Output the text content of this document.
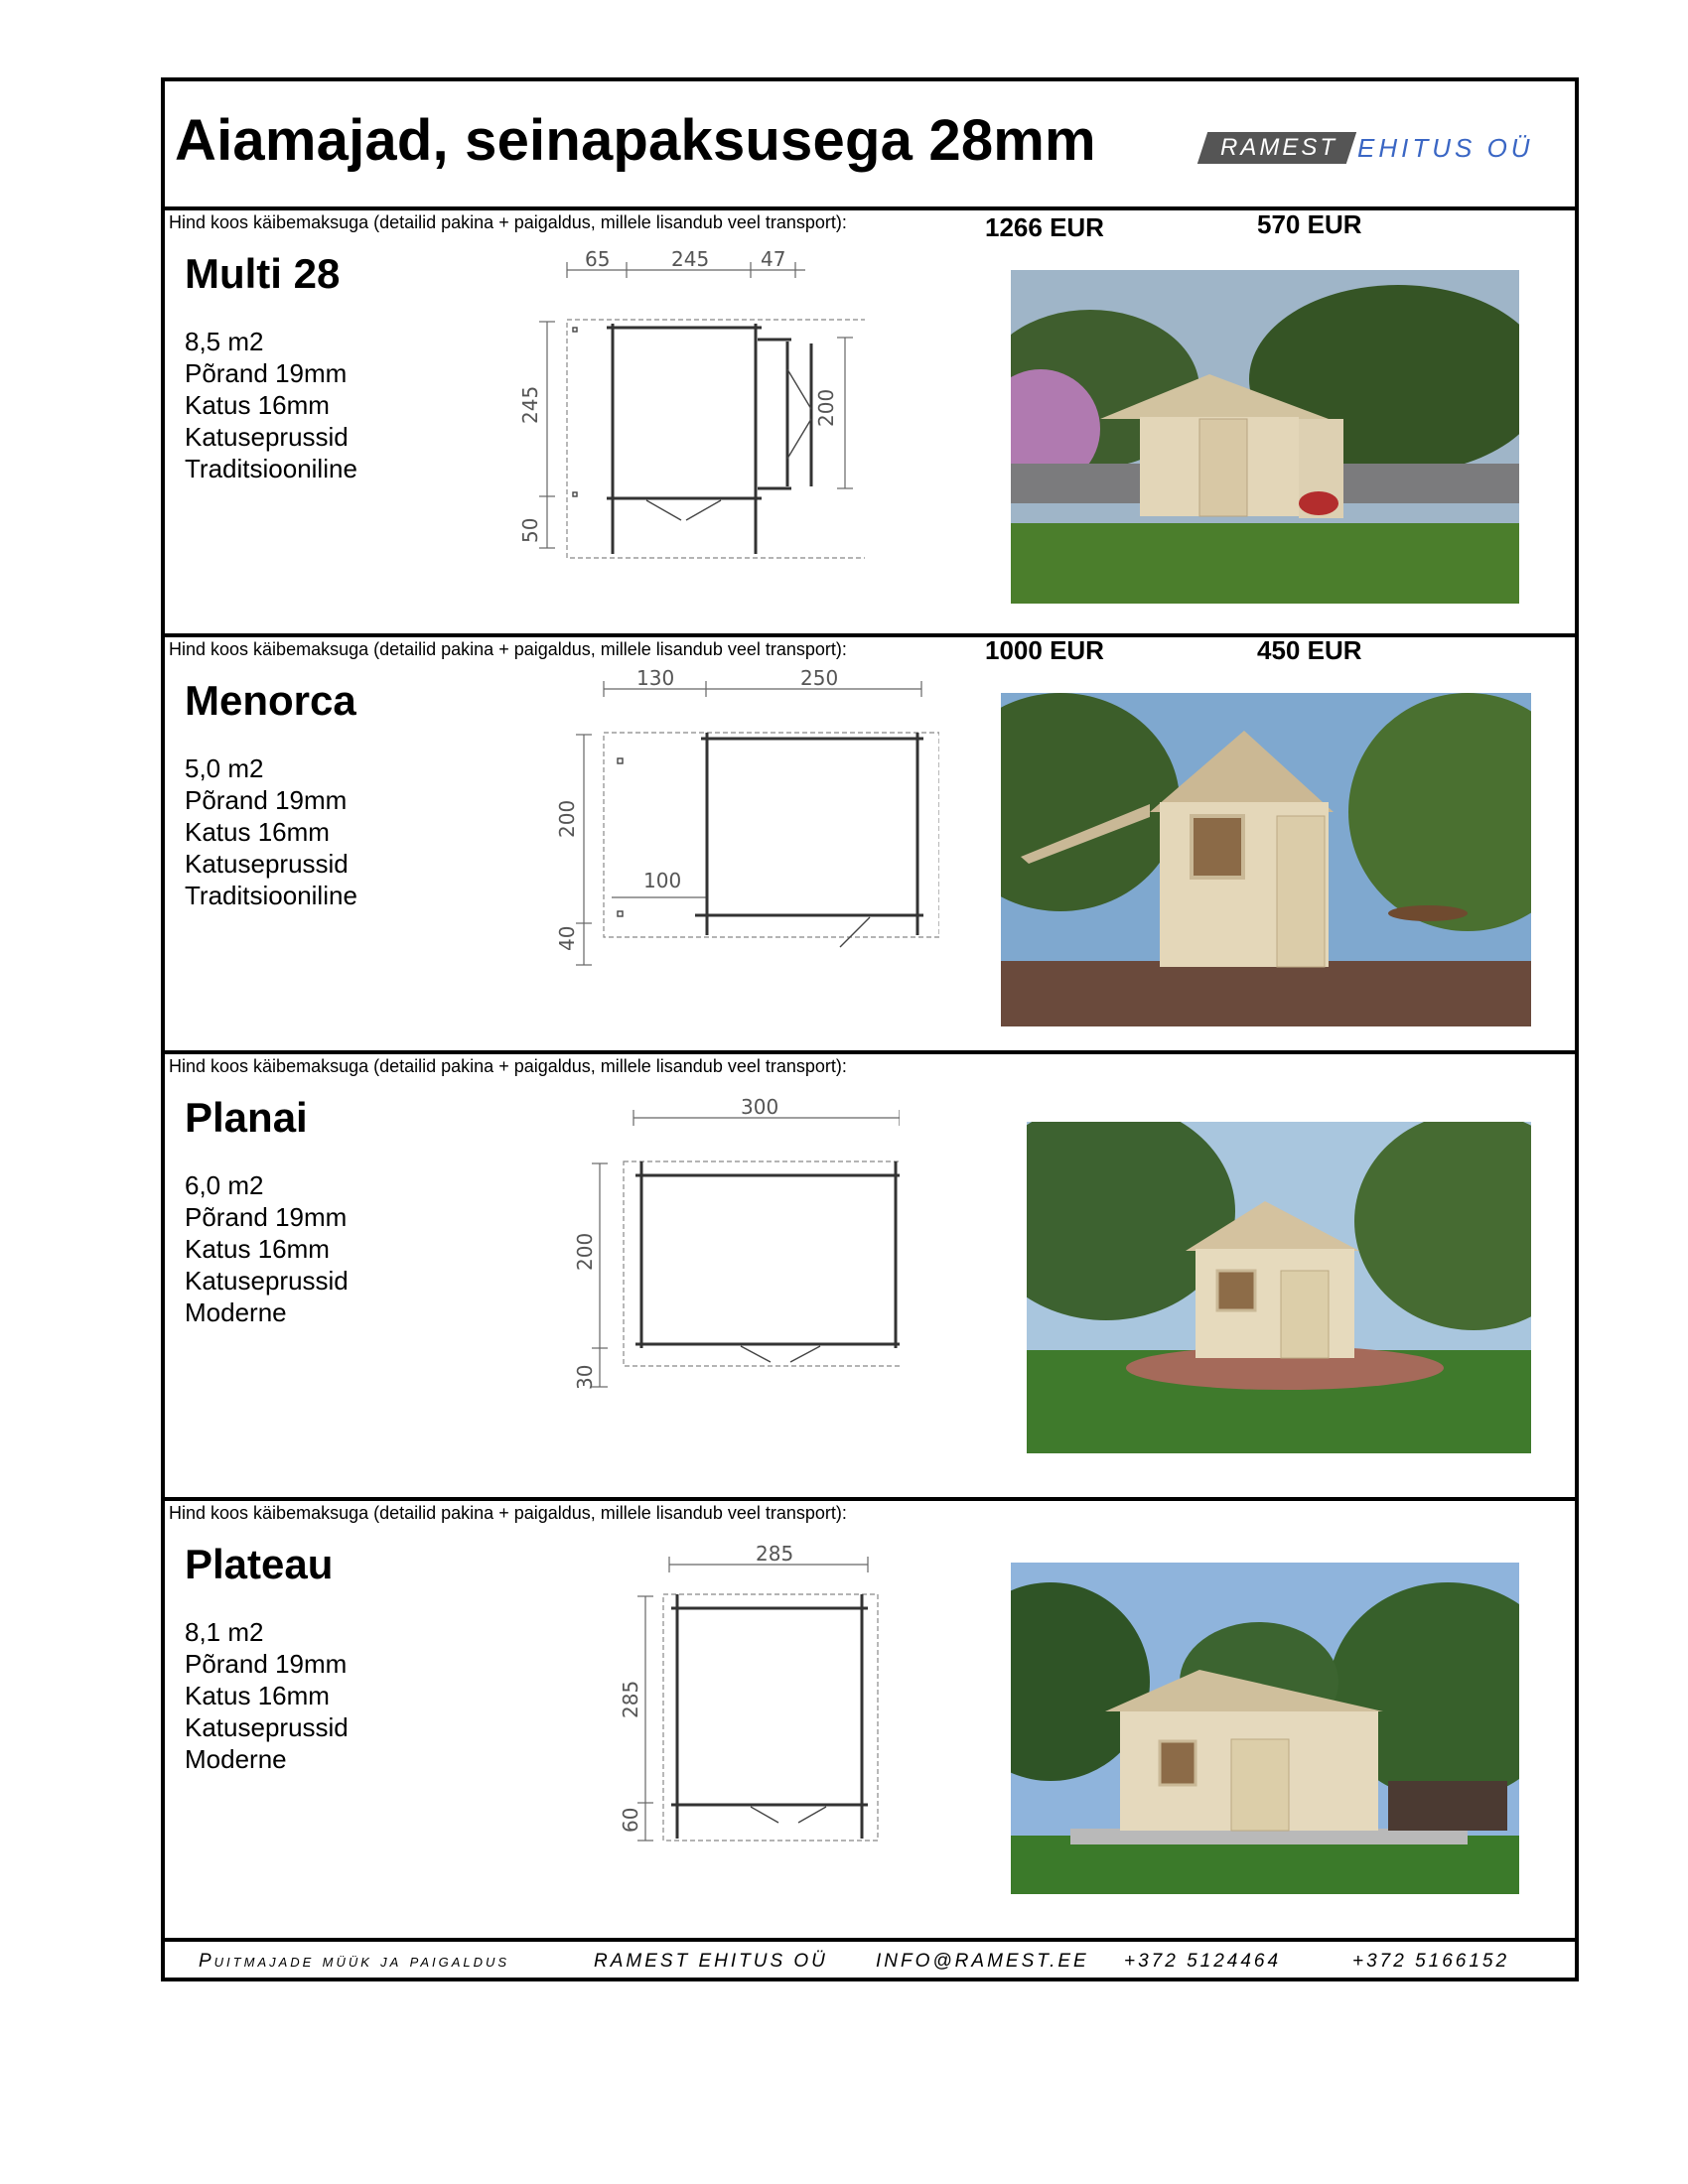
Aiamajad, seinapaksusega 28mm	RAMEST EHITUS OÜ
Hind koos käibemaksuga (detailid pakina + paigaldus, millele lisandub veel transport):	1266 EUR	570 EUR
Multi 28
8,5 m2
Põrand 19mm
Katus 16mm
Katuseprussid
Traditsiooniline
65	245	47
245
50
200
Hind koos käibemaksuga (detailid pakina + paigaldus, millele lisandub veel transport):	1000 EUR	450 EUR
Menorca
5,0 m2
Põrand 19mm
Katus 16mm
Katuseprussid
Traditsiooniline
130	250
200
100
40
Hind koos käibemaksuga (detailid pakina + paigaldus, millele lisandub veel transport):
Planai
6,0 m2
Põrand 19mm
Katus 16mm
Katuseprussid
Moderne
300
200
30
Hind koos käibemaksuga (detailid pakina + paigaldus, millele lisandub veel transport):
Plateau
8,1 m2
Põrand 19mm
Katus 16mm
Katuseprussid
Moderne
285
285
60
Puitmajade müük ja paigaldus	RAMEST EHITUS OÜ	INFO@RAMEST.EE +372 5124464	+372 5166152
